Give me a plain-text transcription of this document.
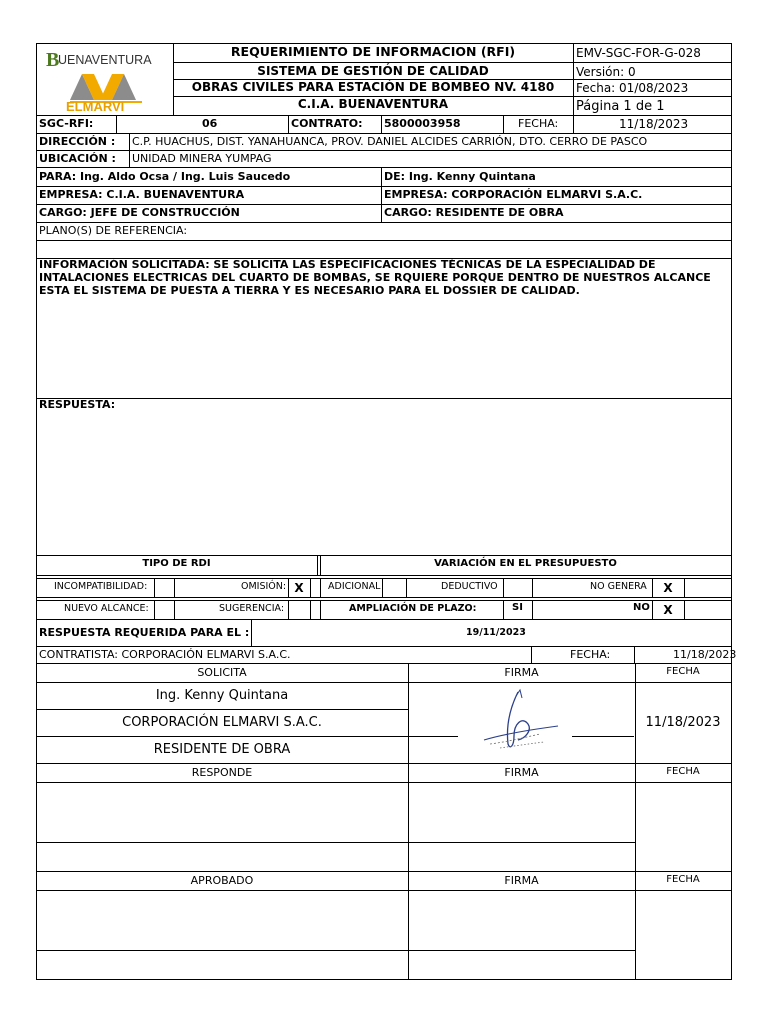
B
UENAVENTURA
ELMARVI
REQUERIMIENTO DE INFORMACION (RFI)
SISTEMA DE GESTIÓN DE CALIDAD
OBRAS CIVILES PARA ESTACIÓN DE BOMBEO NV. 4180
C.I.A. BUENAVENTURA
EMV-SGC-FOR-G-028
Versión: 0
Fecha: 01/08/2023
Página 1 de 1
SGC-RFI:	06	CONTRATO: 5800003958	FECHA:	11/18/2023
DIRECCIÓN : C.P. HUACHUS, DIST. YANAHUANCA, PROV. DANIEL ALCIDES CARRIÓN, DTO. CERRO DE PASCO
UBICACIÓN : UNIDAD MINERA YUMPAG
PARA: Ing. Aldo Ocsa / Ing. Luis Saucedo	DE: Ing. Kenny Quintana
EMPRESA: C.I.A. BUENAVENTURA	EMPRESA: CORPORACIÓN ELMARVI S.A.C.
CARGO: JEFE DE CONSTRUCCIÓN	CARGO: RESIDENTE DE OBRA
PLANO(S) DE REFERENCIA:
INFORMACIÓN SOLICITADA: SE SOLICITA LAS ESPECIFICACIONES TÉCNICAS DE LA ESPECIALIDAD DE INTALACIONES ELECTRICAS DEL CUARTO DE BOMBAS, SE RQUIERE PORQUE DENTRO DE NUESTROS ALCANCE ESTA EL SISTEMA DE PUESTA A TIERRA Y ES NECESARIO PARA EL DOSSIER DE CALIDAD.
RESPUESTA:
TIPO DE RDI	VARIACIÓN EN EL PRESUPUESTO
INCOMPATIBILIDAD:	OMISIÓN: X	ADICIONAL	DEDUCTIVO	NO GENERA	X
NUEVO ALCANCE:	SUGERENCIA:	AMPLIACIÓN DE PLAZO:	SI	NO	X
RESPUESTA REQUERIDA PARA EL :	19/11/2023
CONTRATISTA: CORPORACIÓN ELMARVI S.A.C.	FECHA:	11/18/2023
SOLICITA	FIRMA	FECHA
Ing. Kenny Quintana
CORPORACIÓN ELMARVI S.A.C.
RESIDENTE DE OBRA
11/18/2023
RESPONDE	FIRMA	FECHA
APROBADO	FIRMA	FECHA
